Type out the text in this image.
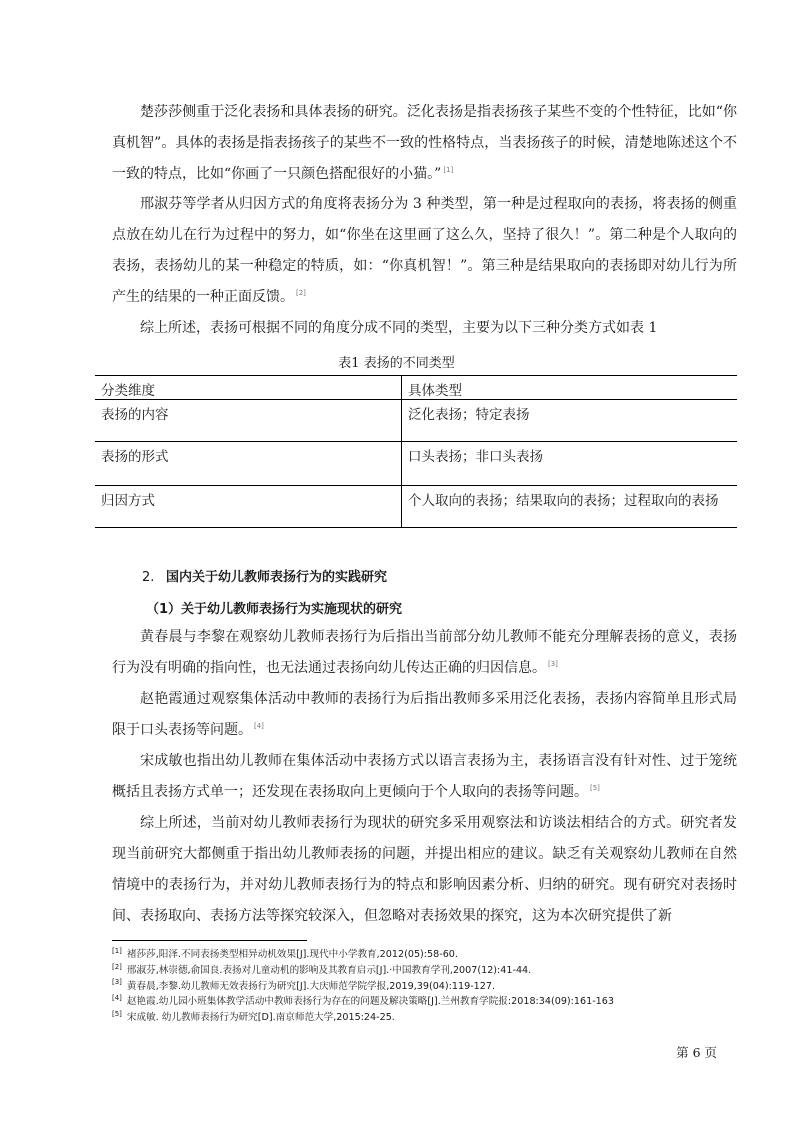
楚莎莎侧重于泛化表扬和具体表扬的研究。泛化表扬是指表扬孩子某些不变的个性特征，比如“你真机智”。具体的表扬是指表扬孩子的某些不一致的性格特点，当表扬孩子的时候，清楚地陈述这个不一致的特点，比如“你画了一只颜色搭配很好的小猫。” [1]

邢淑芬等学者从归因方式的角度将表扬分为 3 种类型，第一种是过程取向的表扬，将表扬的侧重点放在幼儿在行为过程中的努力，如“你坐在这里画了这么久，坚持了很久！”。第二种是个人取向的表扬，表扬幼儿的某一种稳定的特质，如：“你真机智！”。第三种是结果取向的表扬即对幼儿行为所产生的结果的一种正面反馈。 [2]

综上所述，表扬可根据不同的角度分成不同的类型，主要为以下三种分类方式如表 1

表1 表扬的不同类型

分类维度	具体类型
表扬的内容	泛化表扬；特定表扬
表扬的形式	口头表扬；非口头表扬
归因方式	个人取向的表扬；结果取向的表扬；过程取向的表扬

2. 国内关于幼儿教师表扬行为的实践研究

（1）关于幼儿教师表扬行为实施现状的研究

黄春晨与李黎在观察幼儿教师表扬行为后指出当前部分幼儿教师不能充分理解表扬的意义，表扬行为没有明确的指向性，也无法通过表扬向幼儿传达正确的归因信息。 [3]

赵艳霞通过观察集体活动中教师的表扬行为后指出教师多采用泛化表扬，表扬内容简单且形式局限于口头表扬等问题。 [4]

宋成敏也指出幼儿教师在集体活动中表扬方式以语言表扬为主，表扬语言没有针对性、过于笼统概括且表扬方式单一；还发现在表扬取向上更倾向于个人取向的表扬等问题。 [5]

综上所述，当前对幼儿教师表扬行为现状的研究多采用观察法和访谈法相结合的方式。研究者发现当前研究大都侧重于指出幼儿教师表扬的问题，并提出相应的建议。缺乏有关观察幼儿教师在自然情境中的表扬行为，并对幼儿教师表扬行为的特点和影响因素分析、归纳的研究。现有研究对表扬时间、表扬取向、表扬方法等探究较深入，但忽略对表扬效果的探究，这为本次研究提供了新

[1] 褚莎莎,阳泽.不同表扬类型相异动机效果[J].现代中小学教育,2012(05):58-60.
[2] 邢淑芬,林崇德,俞国良.表扬对儿童动机的影响及其教育启示[J].·中国教育学刊,2007(12):41-44.
[3] 黄春晨,李黎.幼儿教师无效表扬行为研究[J].大庆师范学院学报,2019,39(04):119-127.
[4] 赵艳霞.幼儿园小班集体教学活动中教师表扬行为存在的问题及解决策略[J].兰州教育学院报:2018:34(09):161-163
[5] 宋成敏. 幼儿教师表扬行为研究[D].南京师范大学,2015:24-25.

第 6 页
